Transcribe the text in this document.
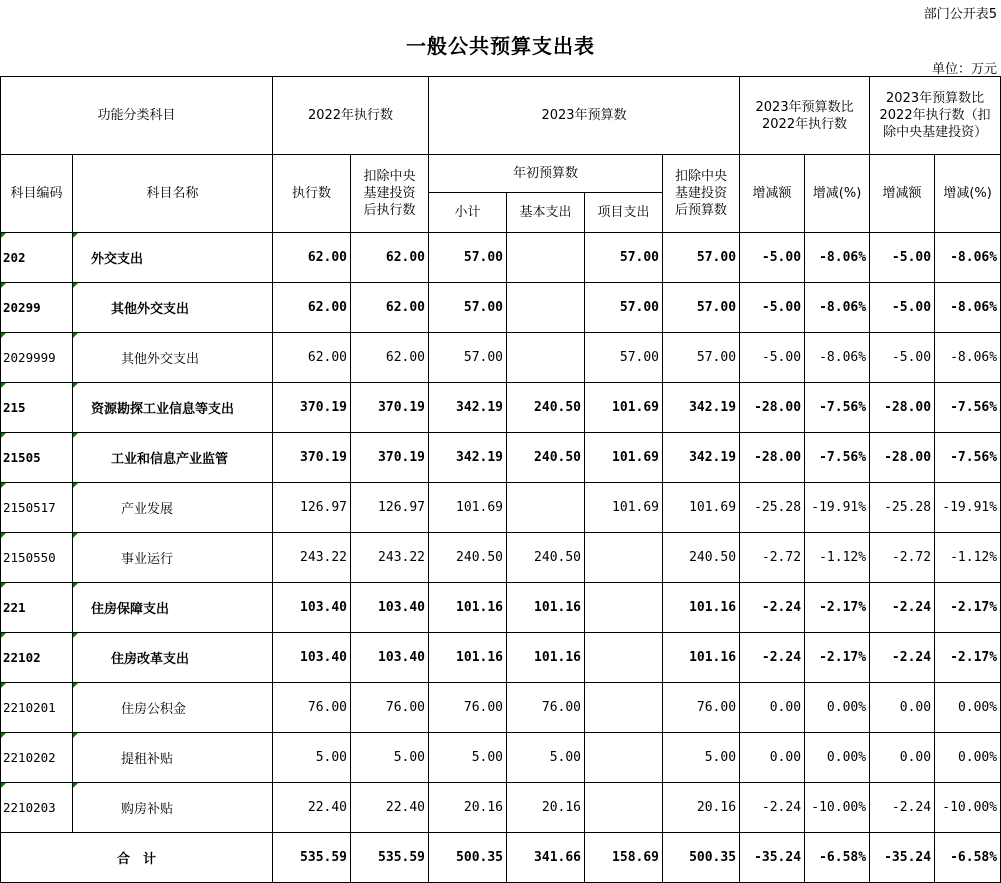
部门公开表5
一般公共预算支出表
单位：万元
功能分类科目		2022年执行数		2023年预算数				2023年预算数比2022年执行数		2023年预算数比2022年执行数（扣除中央基建投资）	
科目编码	科目名称	执行数	扣除中央基建投资后执行数	年初预算数			扣除中央基建投资后预算数	增减额	增减(%)	增减额	增减(%)
				小计	基本支出	项目支出					
202	外交支出	62.00	62.00	57.00		57.00	57.00	-5.00	-8.06%	-5.00	-8.06%
20299	其他外交支出	62.00	62.00	57.00		57.00	57.00	-5.00	-8.06%	-5.00	-8.06%
2029999	其他外交支出	62.00	62.00	57.00		57.00	57.00	-5.00	-8.06%	-5.00	-8.06%
215	资源勘探工业信息等支出	370.19	370.19	342.19	240.50	101.69	342.19	-28.00	-7.56%	-28.00	-7.56%
21505	工业和信息产业监管	370.19	370.19	342.19	240.50	101.69	342.19	-28.00	-7.56%	-28.00	-7.56%
2150517	产业发展	126.97	126.97	101.69		101.69	101.69	-25.28	-19.91%	-25.28	-19.91%
2150550	事业运行	243.22	243.22	240.50	240.50		240.50	-2.72	-1.12%	-2.72	-1.12%
221	住房保障支出	103.40	103.40	101.16	101.16		101.16	-2.24	-2.17%	-2.24	-2.17%
22102	住房改革支出	103.40	103.40	101.16	101.16		101.16	-2.24	-2.17%	-2.24	-2.17%
2210201	住房公积金	76.00	76.00	76.00	76.00		76.00	0.00	0.00%	0.00	0.00%
2210202	提租补贴	5.00	5.00	5.00	5.00		5.00	0.00	0.00%	0.00	0.00%
2210203	购房补贴	22.40	22.40	20.16	20.16		20.16	-2.24	-10.00%	-2.24	-10.00%
合　计		535.59	535.59	500.35	341.66	158.69	500.35	-35.24	-6.58%	-35.24	-6.58%
